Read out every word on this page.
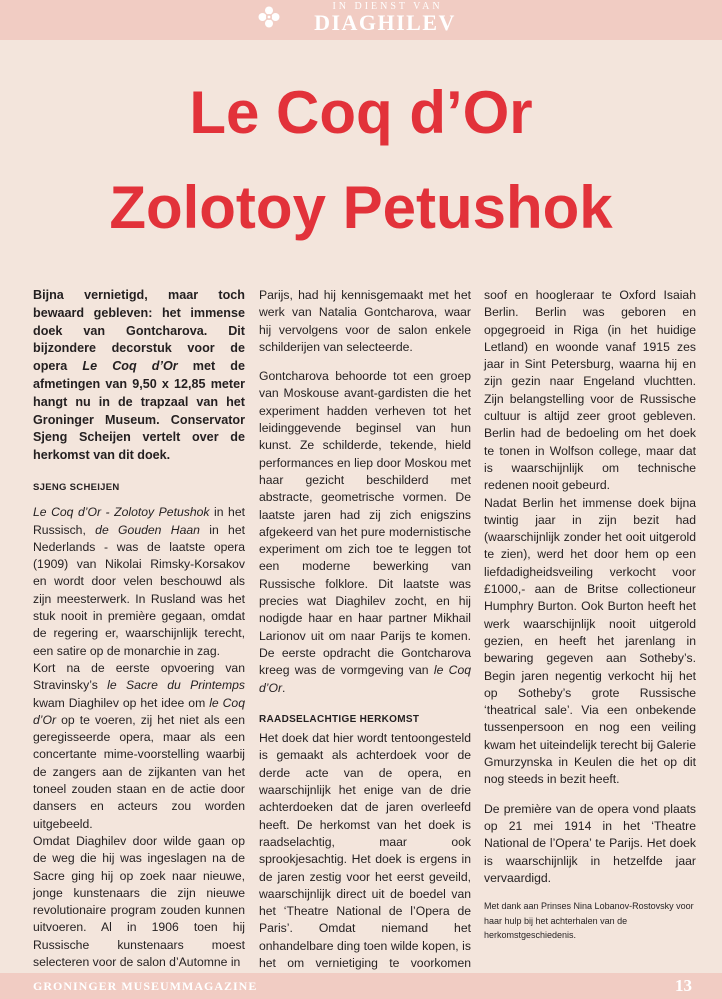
IN DIENST VAN
DIAGHILEV
Le Coq d’Or
Zolotoy Petushok

Bijna vernietigd, maar toch bewaard gebleven: het immense doek van Gontcharova. Dit bijzondere decorstuk voor de opera Le Coq d’Or met de afmetingen van 9,50 x 12,85 meter hangt nu in de trapzaal van het Groninger Museum. Conservator Sjeng Scheijen vertelt over de herkomst van dit doek.

SJENG SCHEIJEN

Le Coq d’Or - Zolotoy Petushok in het Russisch, de Gouden Haan in het Nederlands - was de laatste opera (1909) van Nikolai Rimsky-Korsakov en wordt door velen beschouwd als zijn meesterwerk. In Rusland was het stuk nooit in première gegaan, omdat de regering er, waarschijnlijk terecht, een satire op de monarchie in zag.

Kort na de eerste opvoering van Stravinsky’s le Sacre du Printemps kwam Diaghilev op het idee om le Coq d’Or op te voeren, zij het niet als een geregisseerde opera, maar als een concertante mime-voorstelling waarbij de zangers aan de zijkanten van het toneel zouden staan en de actie door dansers en acteurs zou worden uitgebeeld.

Omdat Diaghilev door wilde gaan op de weg die hij was ingeslagen na de Sacre ging hij op zoek naar nieuwe, jonge kunstenaars die zijn nieuwe revolutionaire program zouden kunnen uitvoeren. Al in 1906 toen hij Russische kunstenaars moest selecteren voor de salon d’Automne in

Parijs, had hij kennisgemaakt met het werk van Natalia Gontcharova, waar hij vervolgens voor de salon enkele schilderijen van selecteerde.

Gontcharova behoorde tot een groep van Moskouse avant-gardisten die het experiment hadden verheven tot het leidinggevende beginsel van hun kunst. Ze schilderde, tekende, hield performances en liep door Moskou met haar gezicht beschilderd met abstracte, geometrische vormen. De laatste jaren had zij zich enigszins afgekeerd van het pure modernistische experiment om zich toe te leggen tot een moderne bewerking van Russische folklore. Dit laatste was precies wat Diaghilev zocht, en hij nodigde haar en haar partner Mikhail Larionov uit om naar Parijs te komen. De eerste opdracht die Gontcharova kreeg was de vormgeving van le Coq d’Or.

RAADSELACHTIGE HERKOMST

Het doek dat hier wordt tentoongesteld is gemaakt als achterdoek voor de derde acte van de opera, en waarschijnlijk het enige van de drie achterdoeken dat de jaren overleefd heeft. De herkomst van het doek is raadselachtig, maar ook sprookjesachtig. Het doek is ergens in de jaren zestig voor het eerst geveild, waarschijnlijk direct uit de boedel van het ‘Theatre National de l’Opera de Paris’. Omdat niemand het onhandelbare ding toen wilde kopen, is het om vernietiging te voorkomen

soof en hoogleraar te Oxford Isaiah Berlin. Berlin was geboren en opgegroeid in Riga (in het huidige Letland) en woonde vanaf 1915 zes jaar in Sint Petersburg, waarna hij en zijn gezin naar Engeland vluchtten. Zijn belangstelling voor de Russische cultuur is altijd zeer groot gebleven. Berlin had de bedoeling om het doek te tonen in Wolfson college, maar dat is waarschijnlijk om technische redenen nooit gebeurd.

Nadat Berlin het immense doek bijna twintig jaar in zijn bezit had (waarschijnlijk zonder het ooit uitgerold te zien), werd het door hem op een liefdadigheidsveiling verkocht voor £1000,- aan de Britse collectioneur Humphry Burton. Ook Burton heeft het werk waarschijnlijk nooit uitgerold gezien, en heeft het jarenlang in bewaring gegeven aan Sotheby’s. Begin jaren negentig verkocht hij het op Sotheby’s grote Russische ‘theatrical sale’. Via een onbekende tussenpersoon en nog een veiling kwam het uiteindelijk terecht bij Galerie Gmurzynska in Keulen die het op dit nog steeds in bezit heeft.

De première van de opera vond plaats op 21 mei 1914 in het ‘Theatre National de l’Opera’ te Parijs. Het doek is waarschijnlijk in hetzelfde jaar vervaardigd.

Met dank aan Prinses Nina Lobanov-Rostovsky voor haar hulp bij het achterhalen van de herkomstgeschiedenis.

GRONINGER MUSEUMMAGAZINE	13
